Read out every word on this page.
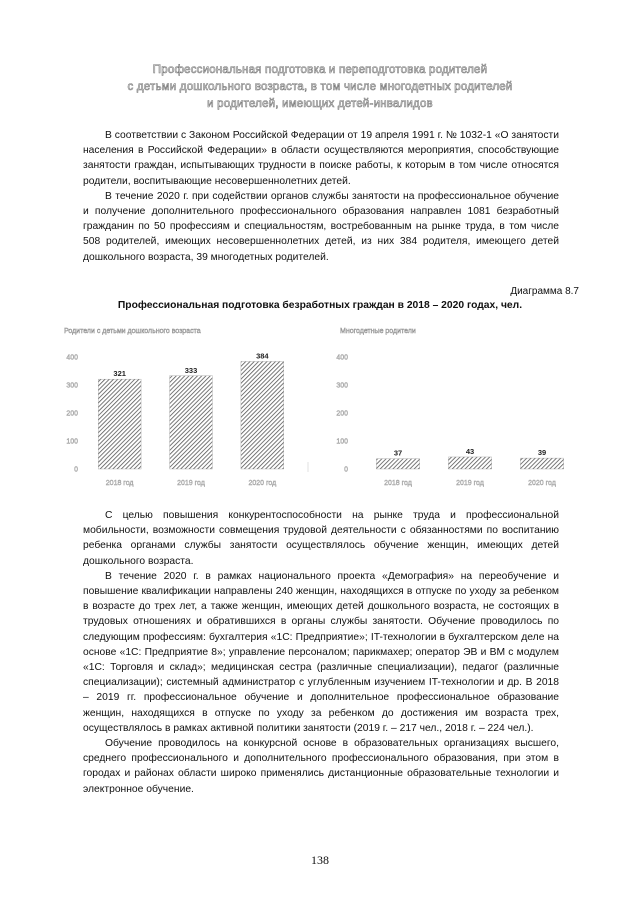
Профессиональная подготовка и переподготовка родителей
с детьми дошкольного возраста, в том числе многодетных родителей
и родителей, имеющих детей-инвалидов

В соответствии с Законом Российской Федерации от 19 апреля 1991 г. № 1032-1 «О занятости населения в Российской Федерации» в области осуществляются мероприятия, способствующие занятости граждан, испытывающих трудности в поиске работы, к которым в том числе относятся родители, воспитывающие несовершеннолетних детей.

В течение 2020 г. при содействии органов службы занятости на профессиональное обучение и получение дополнительного профессионального образования направлен 1081 безработный гражданин по 50 профессиям и специальностям, востребованным на рынке труда, в том числе 508 родителей, имеющих несовершеннолетних детей, из них 384 родителя, имеющего детей дошкольного возраста, 39 многодетных родителей.

Диаграмма 8.7
Профессиональная подготовка безработных граждан в 2018 – 2020 годах, чел.
Родители с детьми дошкольного возраста
0
100
200
300
400
321
2018 год
333
2019 год
384
2020 год
Многодетные родители
0
100
200
300
400
37
2018 год
43
2019 год
39
2020 год

С целью повышения конкурентоспособности на рынке труда и профессиональной мобильности, возможности совмещения трудовой деятельности с обязанностями по воспитанию ребенка органами службы занятости осуществлялось обучение женщин, имеющих детей дошкольного возраста.

В течение 2020 г. в рамках национального проекта «Демография» на переобучение и повышение квалификации направлены 240 женщин, находящихся в отпуске по уходу за ребенком в возрасте до трех лет, а также женщин, имеющих детей дошкольного возраста, не состоящих в трудовых отношениях и обратившихся в органы службы занятости. Обучение проводилось по следующим профессиям: бухгалтерия «1С: Предприятие»; IT-технологии в бухгалтерском деле на основе «1С: Предприятие 8»; управление персоналом; парикмахер; оператор ЭВ и ВМ с модулем «1С: Торговля и склад»; медицинская сестра (различные специализации), педагог (различные специализации); системный администратор с углубленным изучением IT-технологии и др. В 2018 – 2019 гг. профессиональное обучение и дополнительное профессиональное образование женщин, находящихся в отпуске по уходу за ребенком до достижения им возраста трех, осуществлялось в рамках активной политики занятости (2019 г. – 217 чел., 2018 г. – 224 чел.).

Обучение проводилось на конкурсной основе в образовательных организациях высшего, среднего профессионального и дополнительного профессионального образования, при этом в городах и районах области широко применялись дистанционные образовательные технологии и электронное обучение.

138
